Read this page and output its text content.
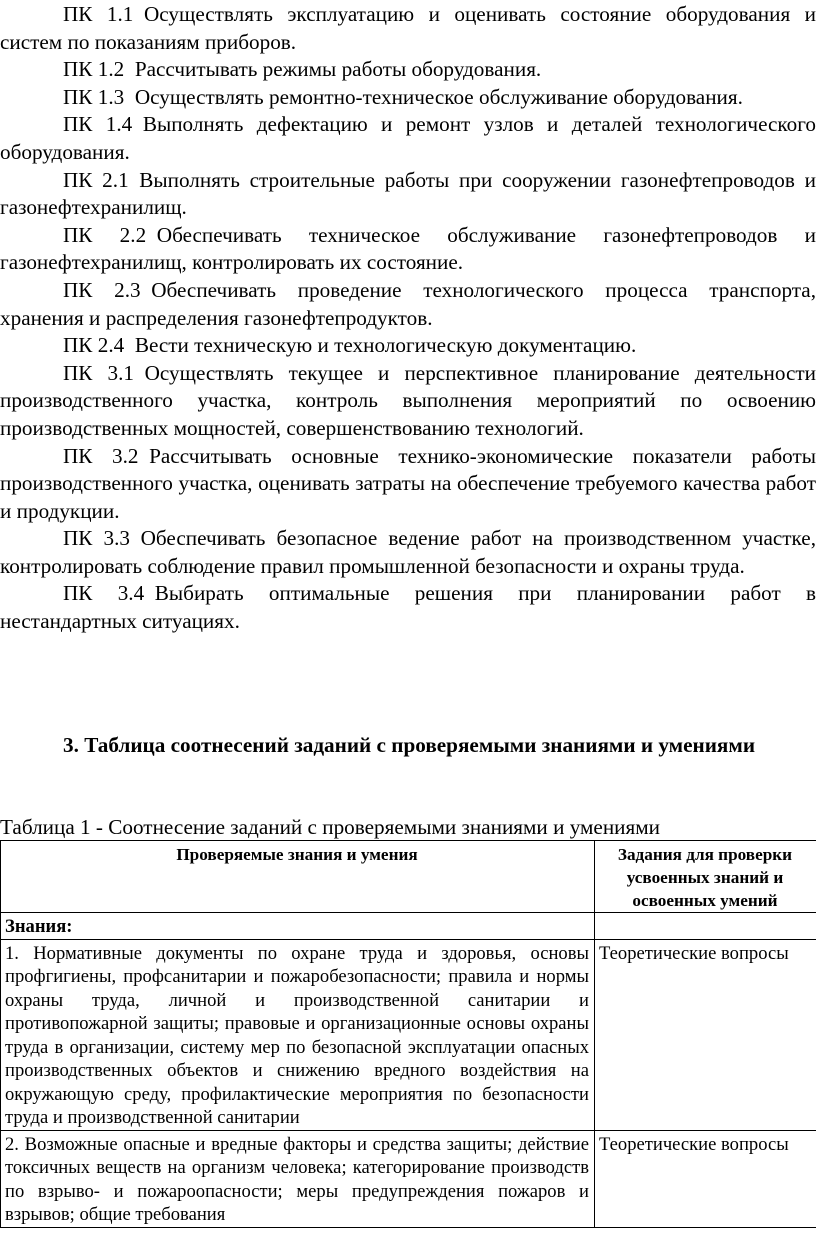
ПК 1.1  Осуществлять эксплуатацию и оценивать состояние оборудования и систем по показаниям приборов.

ПК 1.2  Рассчитывать режимы работы оборудования.

ПК 1.3  Осуществлять ремонтно-техническое обслуживание оборудования.

ПК 1.4  Выполнять дефектацию и ремонт узлов и деталей технологического оборудования.

ПК 2.1  Выполнять строительные работы при сооружении газонефтепроводов и газонефтехранилищ.

ПК 2.2  Обеспечивать техническое обслуживание газонефтепроводов и газонефтехранилищ, контролировать их состояние.

ПК 2.3  Обеспечивать проведение технологического процесса транспорта, хранения и распределения газонефтепродуктов.

ПК 2.4  Вести техническую и технологическую документацию.

ПК 3.1  Осуществлять текущее и перспективное планирование деятельности производственного участка, контроль выполнения мероприятий по освоению производственных мощностей, совершенствованию технологий.

ПК 3.2  Рассчитывать основные технико-экономические показатели работы производственного участка, оценивать затраты на обеспечение требуемого качества работ и продукции.

ПК 3.3  Обеспечивать безопасное ведение работ на производственном участке, контролировать соблюдение правил промышленной безопасности и охраны труда.

ПК 3.4  Выбирать оптимальные решения при планировании работ в нестандартных ситуациях.

3. Таблица соотнесений заданий с проверяемыми знаниями и умениями

Таблица 1 - Соотнесение заданий с проверяемыми знаниями и умениями

Проверяемые знания и умения	Задания для проверки усвоенных знаний и освоенных умений
Знания:	
1. Нормативные документы по охране труда и здоровья, основы профгигиены, профсанитарии и пожаробезопасности; правила и нормы охраны труда, личной и производственной санитарии и противопожарной защиты; правовые и организационные основы охраны труда в организации, систему мер по безопасной эксплуатации опасных производственных объектов и снижению вредного воздействия на окружающую среду, профилактические мероприятия по безопасности труда и производственной санитарии	Теоретические вопросы
2. Возможные опасные и вредные факторы и средства защиты; действие токсичных веществ на организм человека; категорирование производств по взрыво- и пожароопасности; меры предупреждения пожаров и взрывов; общие требования	Теоретические вопросы
